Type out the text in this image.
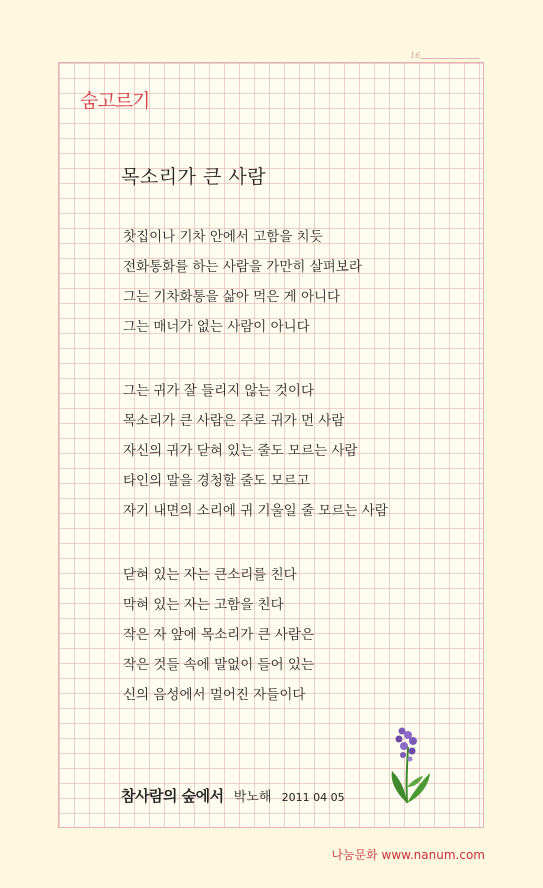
16
숨고르기
목소리가 큰 사람
찻집이나 기차 안에서 고함을 치듯
전화통화를 하는 사람을 가만히 살펴보라
그는 기차화통을 삶아 먹은 게 아니다
그는 매너가 없는 사람이 아니다
그는 귀가 잘 들리지 않는 것이다
목소리가 큰 사람은 주로 귀가 먼 사람
자신의 귀가 닫혀 있는 줄도 모르는 사람
타인의 말을 경청할 줄도 모르고
자기 내면의 소리에 귀 기울일 줄 모르는 사람
닫혀 있는 자는 큰소리를 친다
막혀 있는 자는 고함을 친다
작은 자 앞에 목소리가 큰 사람은
작은 것들 속에 말없이 들어 있는
신의 음성에서 멀어진 자들이다
참사람의 숲에서 박노해 2011 04 05
나눔문화 www.nanum.com
